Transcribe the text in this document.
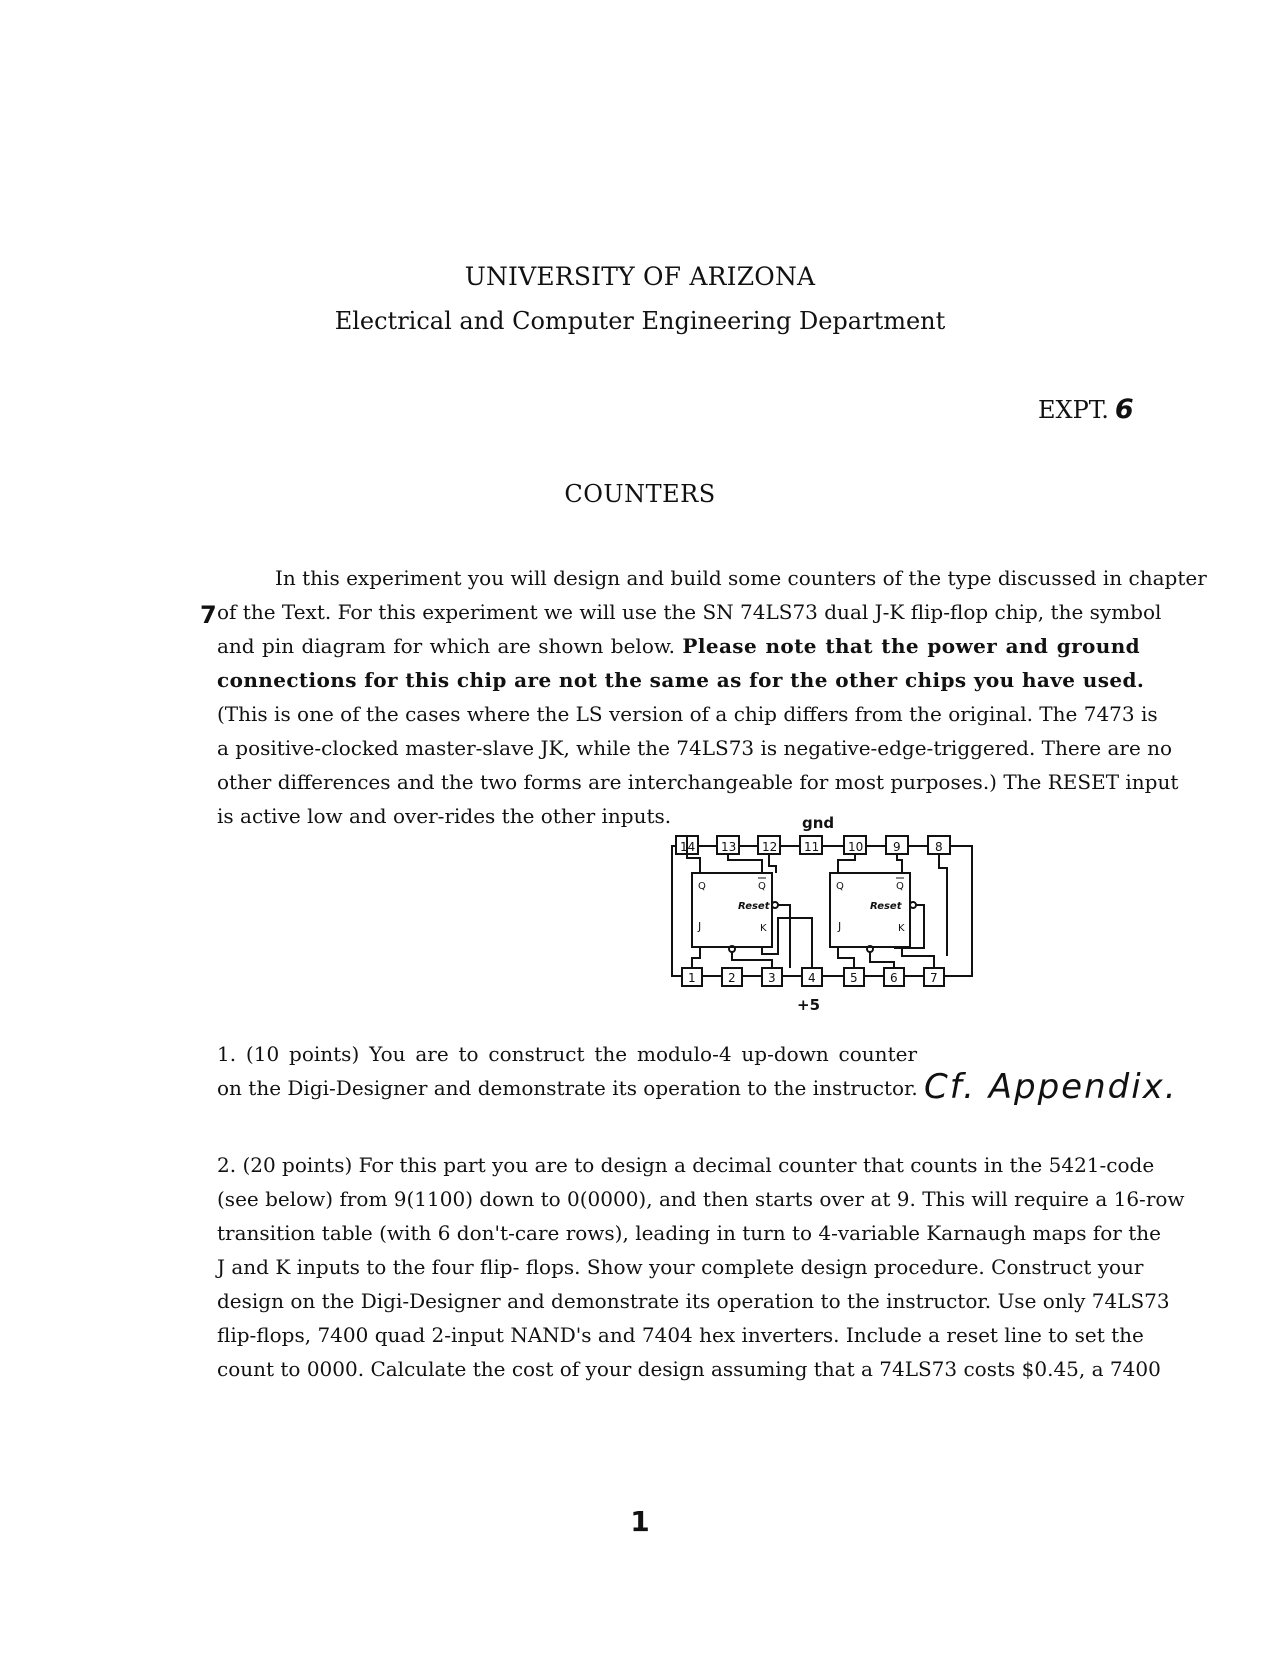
UNIVERSITY OF ARIZONA
Electrical and Computer Engineering Department
EXPT. 6
COUNTERS
7
In this experiment you will design and build some counters of the type discussed in chapter
of the Text. For this experiment we will use the SN 74LS73 dual J-K flip-flop chip, the symbol
and pin diagram for which are shown below. Please note that the power and ground
connections for this chip are not the same as for the other chips you have used.
(This is one of the cases where the LS version of a chip differs from the original. The 7473 is
a positive-clocked master-slave JK, while the 74LS73 is negative-edge-triggered. There are no
other differences and the two forms are interchangeable for most purposes.) The RESET input
is active low and over-rides the other inputs.	gnd
14 13 12 11 10 9	8
1	2	3	4	5	6	7
Q	Q
Reset
J	K
Q	Q
Reset
J	K
+5
1. (10 points) You are to construct the modulo-4 up-down counter
on the Digi-Designer and demonstrate its operation to the instructor. Cf. Appendix.
2. (20 points) For this part you are to design a decimal counter that counts in the 5421-code
(see below) from 9(1100) down to 0(0000), and then starts over at 9. This will require a 16-row
transition table (with 6 don't-care rows), leading in turn to 4-variable Karnaugh maps for the
J and K inputs to the four flip- flops. Show your complete design procedure. Construct your
design on the Digi-Designer and demonstrate its operation to the instructor. Use only 74LS73
flip-flops, 7400 quad 2-input NAND's and 7404 hex inverters. Include a reset line to set the
count to 0000. Calculate the cost of your design assuming that a 74LS73 costs $0.45, a 7400
1
